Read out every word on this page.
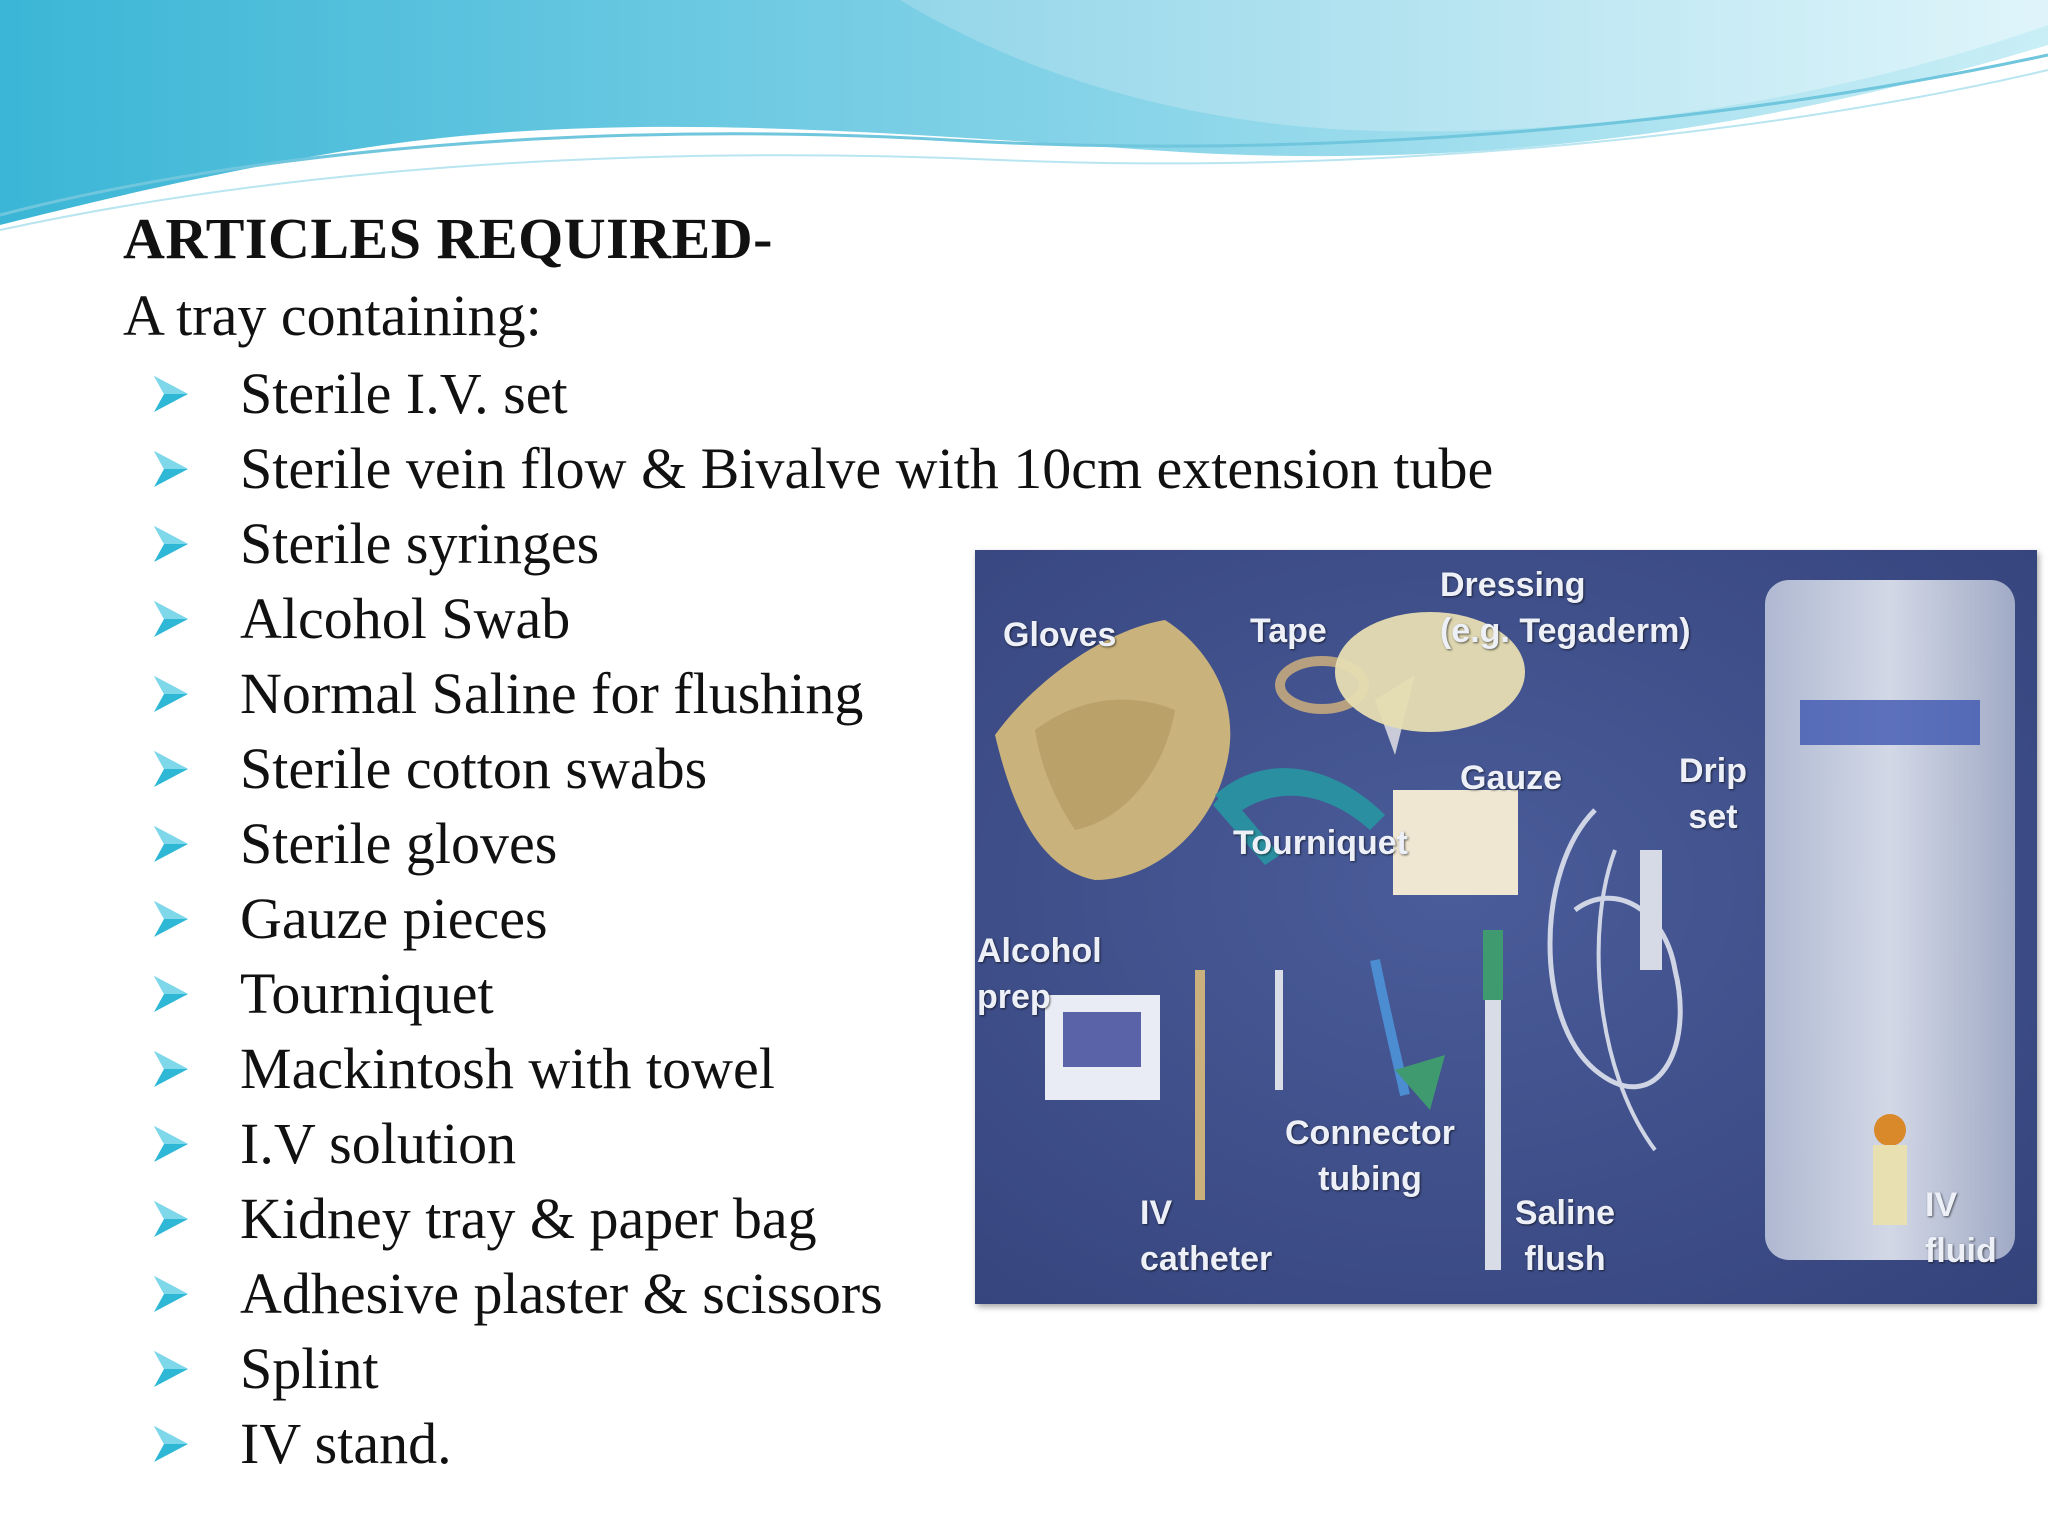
ARTICLES REQUIRED-
A tray containing:
Sterile I.V. set
Sterile vein flow & Bivalve with 10cm extension tube
Sterile syringes
Alcohol Swab
Normal Saline for flushing
Sterile cotton swabs
Sterile gloves
Gauze pieces
Tourniquet
Mackintosh with towel
I.V solution
Kidney tray & paper bag
Adhesive plaster & scissors
Splint
IV stand.
Gloves	Tape
Dressing
(e.g. Tegaderm)
Gauze	Drip
set
Tourniquet
Alcohol
prep
Connector
tubing
IV
catheter
Saline
flush
IV
fluid
